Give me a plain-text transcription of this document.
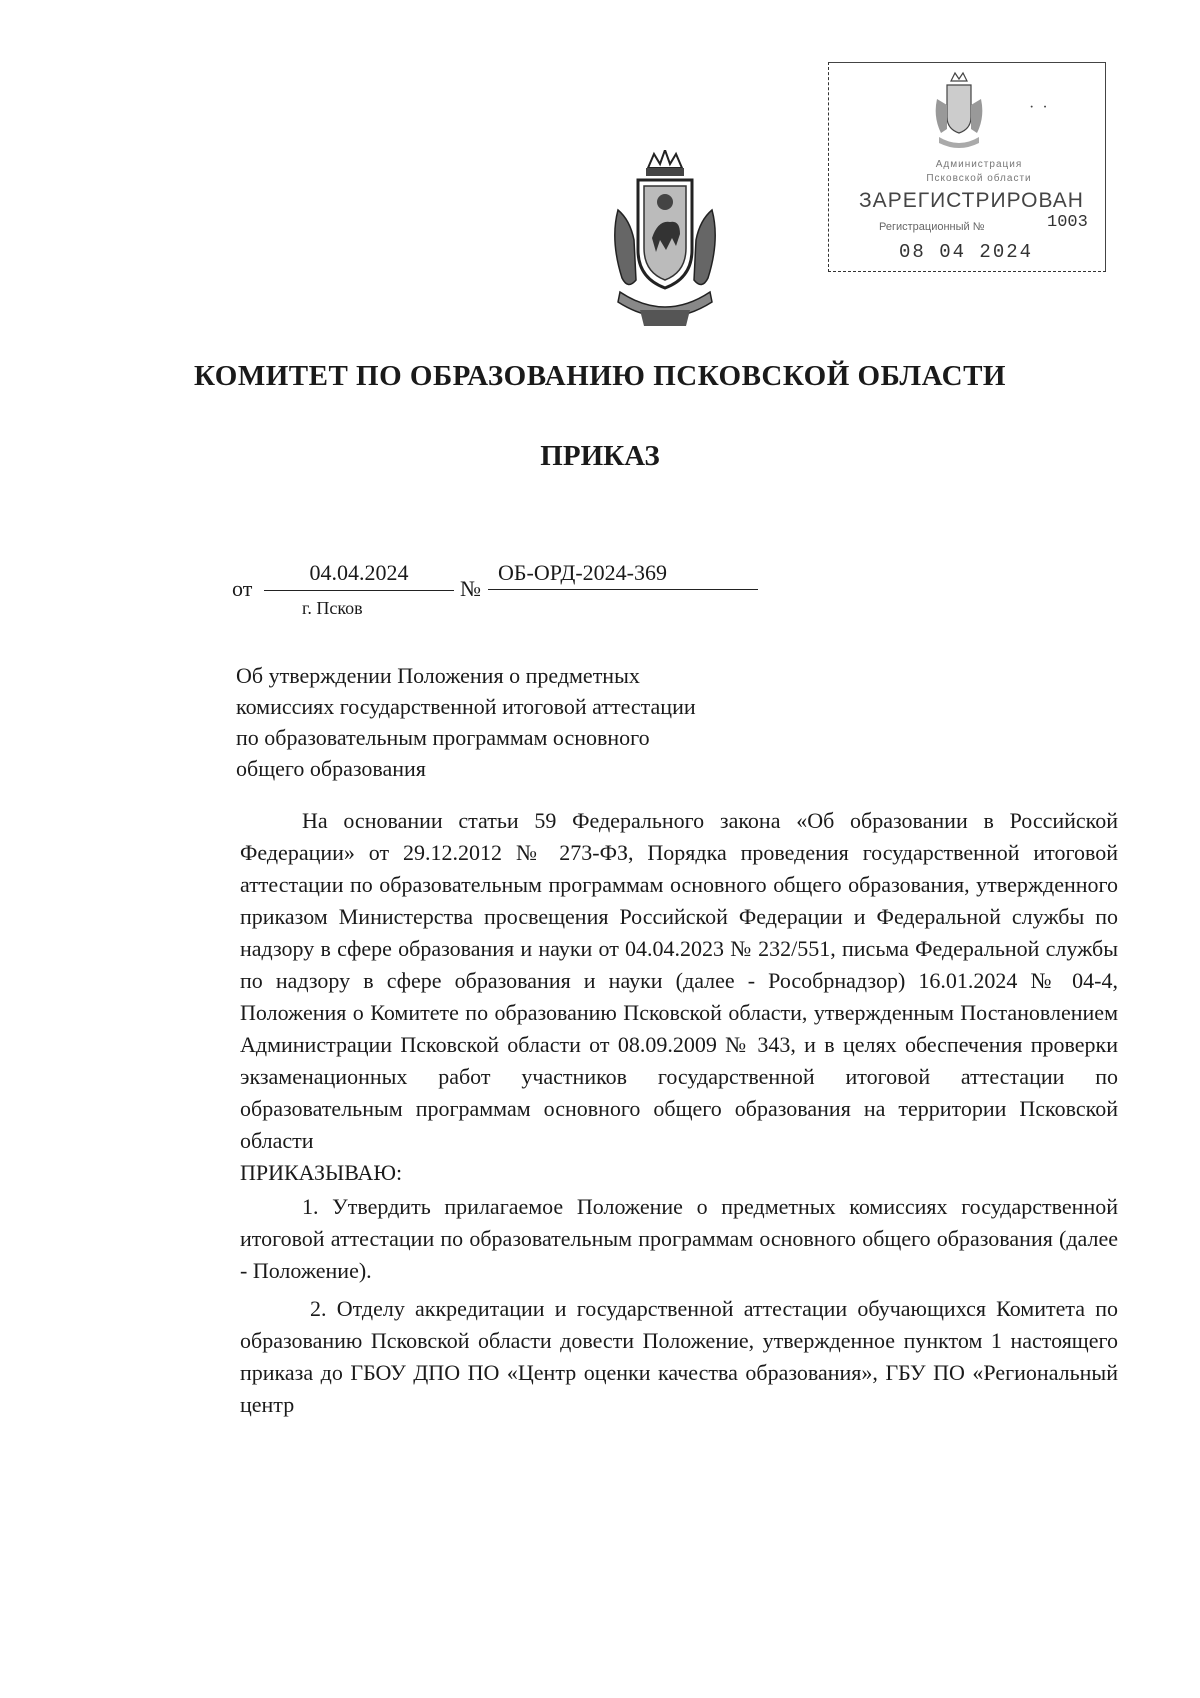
·  ·
Администрация
Псковской области
ЗАРЕГИСТРИРОВАН
Регистрационный №	1003
08 04 2024
КОМИТЕТ ПО ОБРАЗОВАНИЮ ПСКОВСКОЙ ОБЛАСТИ
ПРИКАЗ
от
04.04.2024
№
ОБ-ОРД-2024-369
г. Псков
Об утверждении Положения о предметных
комиссиях государственной итоговой аттестации
по образовательным программам основного
общего образования

На основании статьи 59 Федерального закона «Об образовании в Российской Федерации» от 29.12.2012 № 273-ФЗ, Порядка проведения государственной итоговой аттестации по образовательным программам основного общего образования, утвержденного приказом Министерства просвещения Российской Федерации и Федеральной службы по надзору в сфере образования и науки от 04.04.2023 № 232/551, письма Федеральной службы по надзору в сфере образования и науки (далее - Рособрнадзор) 16.01.2024 № 04-4, Положения о Комитете по образованию Псковской области, утвержденным Постановлением Администрации Псковской области от 08.09.2009 № 343, и в целях обеспечения проверки экзаменационных работ участников государственной итоговой аттестации по образовательным программам основного общего образования на территории Псковской области

ПРИКАЗЫВАЮ:

1. Утвердить прилагаемое Положение о предметных комиссиях государственной итоговой аттестации по образовательным программам основного общего образования (далее - Положение).

2. Отделу аккредитации и государственной аттестации обучающихся Комитета по образованию Псковской области довести Положение, утвержденное пунктом 1 настоящего приказа до ГБОУ ДПО ПО «Центр оценки качества образования», ГБУ ПО «Региональный центр
